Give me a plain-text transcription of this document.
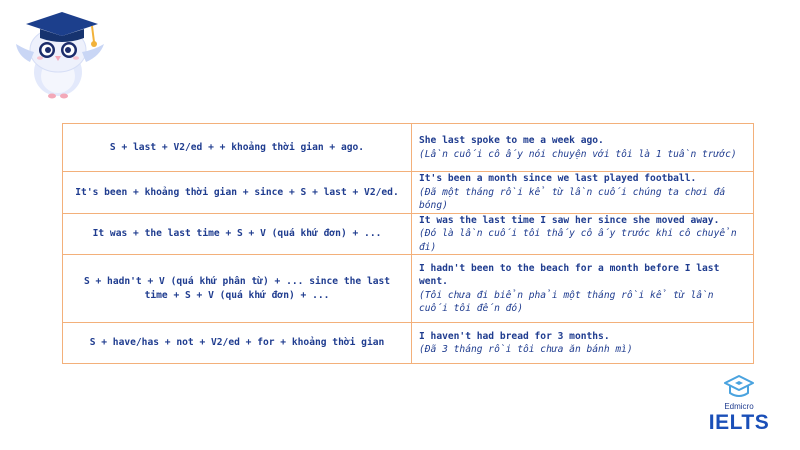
S + last + V2/ed + + khoảng thời gian + ago.	She last spoke to me a week ago.
(Lần cuối cô ấy nói chuyện với tôi là 1 tuần trước)

It's been + khoảng thời gian + since + S + last + V2/ed.	It's been a month since we last played football.
(Đã một tháng rồi kể từ lần cuối chúng ta chơi đá bóng)

It was + the last time + S + V (quá khứ đơn) + ...	It was the last time I saw her since she moved away.
(Đó là lần cuối tôi thấy cô ấy trước khi cô chuyển đi)

S + hadn't + V (quá khứ phân từ) + ... since the last time + S + V (quá khứ đơn) + ...	I hadn't been to the beach for a month before I last went.
(Tôi chưa đi biển phải một tháng rồi kể từ lần cuối tôi đến đó)

S + have/has + not + V2/ed + for + khoảng thời gian	I haven't had bread for 3 months.
(Đã 3 tháng rồi tôi chưa ăn bánh mì)
Edmicro
IELTS
